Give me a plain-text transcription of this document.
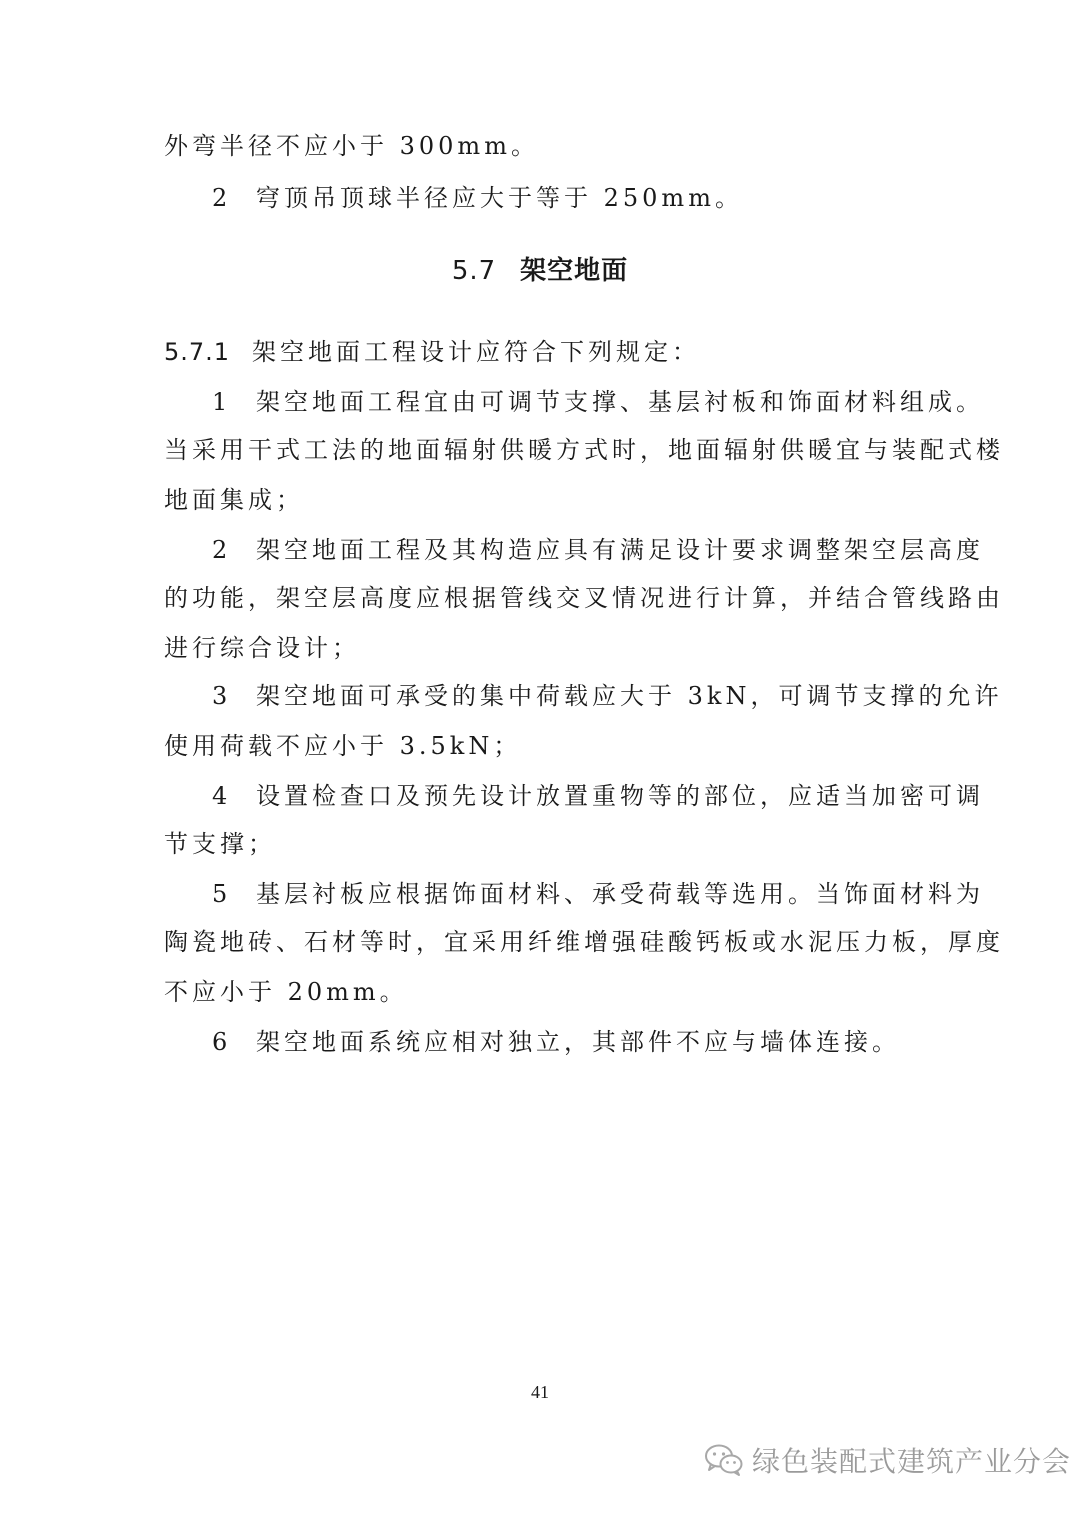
外弯半径不应小于 300mm。
2 穹顶吊顶球半径应大于等于 250mm。
5.7 架空地面
5.7.1 架空地面工程设计应符合下列规定：
1 架空地面工程宜由可调节支撑、基层衬板和饰面材料组成。
当采用干式工法的地面辐射供暖方式时，地面辐射供暖宜与装配式楼
地面集成；
2 架空地面工程及其构造应具有满足设计要求调整架空层高度
的功能，架空层高度应根据管线交叉情况进行计算，并结合管线路由
进行综合设计；
3 架空地面可承受的集中荷载应大于 3kN，可调节支撑的允许
使用荷载不应小于 3.5kN；
4 设置检查口及预先设计放置重物等的部位，应适当加密可调
节支撑；
5 基层衬板应根据饰面材料、承受荷载等选用。当饰面材料为
陶瓷地砖、石材等时，宜采用纤维增强硅酸钙板或水泥压力板，厚度
不应小于 20mm。
6 架空地面系统应相对独立，其部件不应与墙体连接。
41
绿色装配式建筑产业分会
